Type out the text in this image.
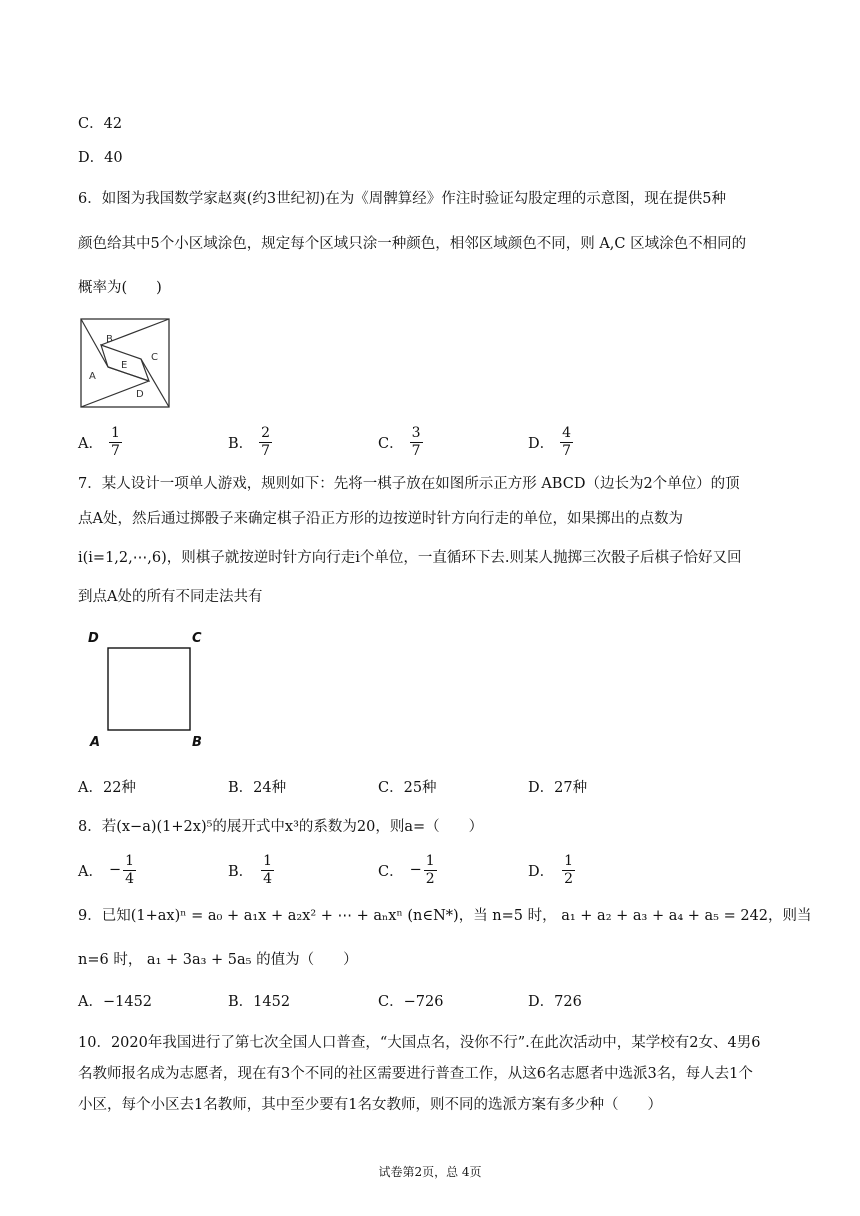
C．42
D．40
6．如图为我国数学家赵爽(约3世纪初)在为《周髀算经》作注时验证勾股定理的示意图，现在提供5种
颜色给其中5个小区域涂色，规定每个区域只涂一种颜色，相邻区域颜色不同，则 A,C 区域涂色不相同的
概率为(　　)
B
A
E
C
D
A． $\frac{1}{7}$	B． $\frac{2}{7}$	C． $\frac{3}{7}$	D． $\frac{4}{7}$
7．某人设计一项单人游戏，规则如下：先将一棋子放在如图所示正方形 ABCD（边长为2个单位）的顶
点A处，然后通过掷骰子来确定棋子沿正方形的边按逆时针方向行走的单位，如果掷出的点数为
i(i=1,2,⋯,6)，则棋子就按逆时针方向行走i个单位，一直循环下去.则某人抛掷三次骰子后棋子恰好又回
到点A处的所有不同走法共有
D	C
A	B
A．22种	B．24种	C．25种	D．27种
8．若(x−a)(1+2x)⁵的展开式中x³的系数为20，则a=（　　）
A． − $\frac{1}{4}$	B． $\frac{1}{4}$	C． − $\frac{1}{2}$	D． $\frac{1}{2}$
9．已知(1+ax)ⁿ = a₀ + a₁x + a₂x² + ⋯ + aₙxⁿ (n∈N*)，当 n=5 时， a₁ + a₂ + a₃ + a₄ + a₅ = 242，则当
n=6 时， a₁ + 3a₃ + 5a₅ 的值为（　　）
A．−1452	B．1452	C．−726	D．726
10．2020年我国进行了第七次全国人口普查，“大国点名，没你不行”.在此次活动中，某学校有2女、4男6
名教师报名成为志愿者，现在有3个不同的社区需要进行普查工作，从这6名志愿者中选派3名，每人去1个
小区，每个小区去1名教师，其中至少要有1名女教师，则不同的选派方案有多少种（　　）
试卷第2页，总 4页
